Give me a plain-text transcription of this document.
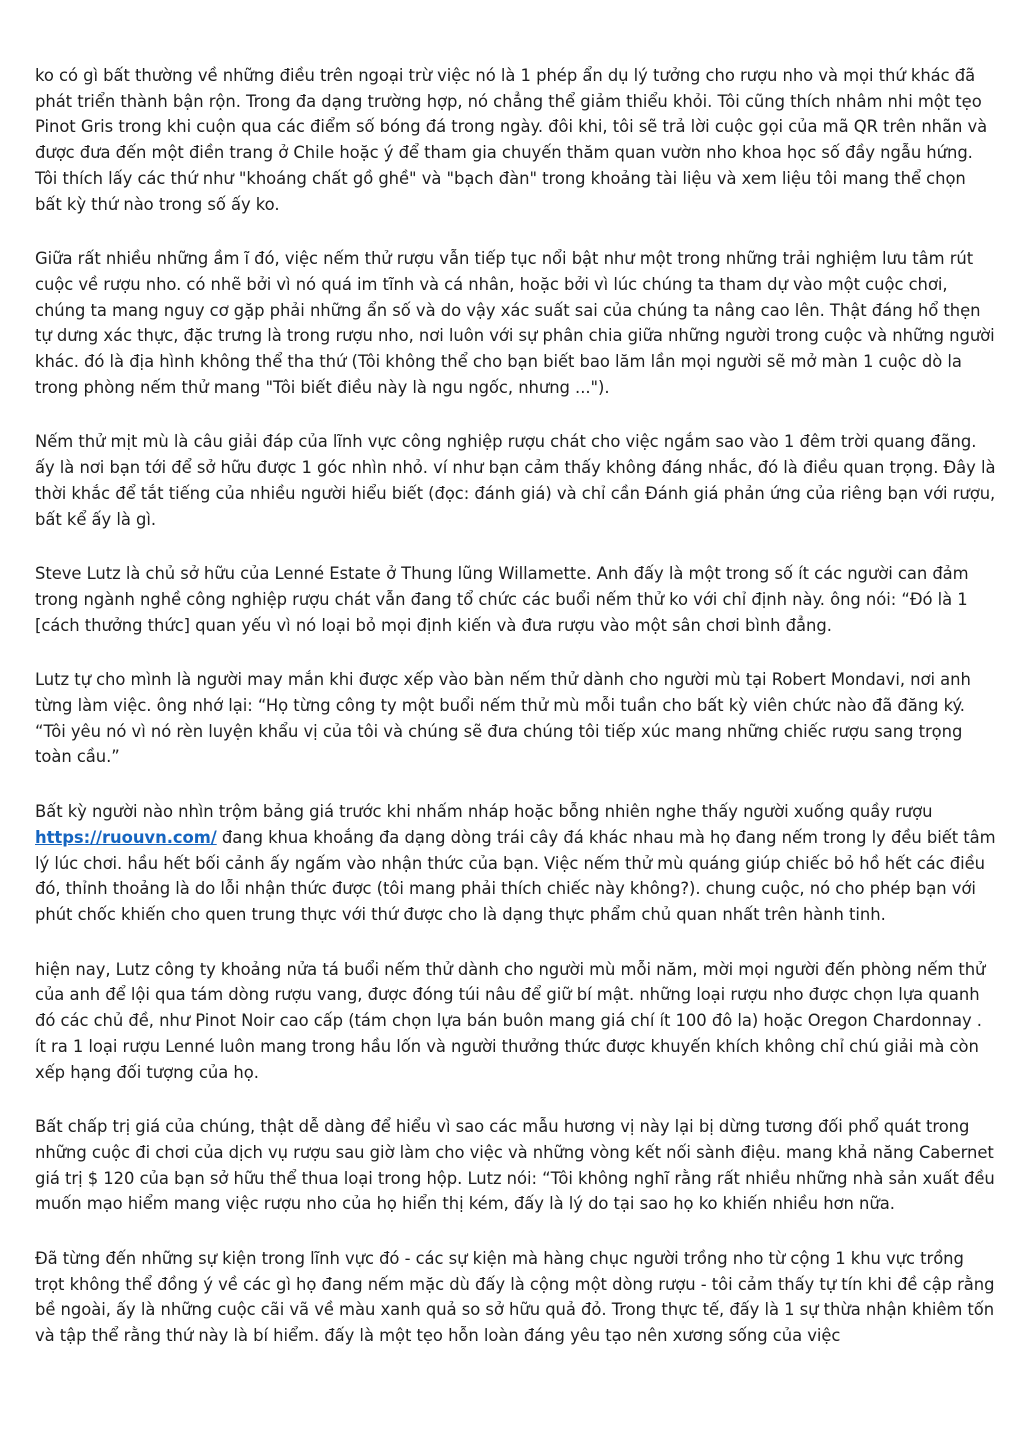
ko có gì bất thường về những điều trên ngoại trừ việc nó là 1 phép ẩn dụ lý tưởng cho rượu nho và mọi thứ khác đã phát triển thành bận rộn. Trong đa dạng trường hợp, nó chẳng thể giảm thiểu khỏi. Tôi cũng thích nhâm nhi một tẹo Pinot Gris trong khi cuộn qua các điểm số bóng đá trong ngày. đôi khi, tôi sẽ trả lời cuộc gọi của mã QR trên nhãn và được đưa đến một điền trang ở Chile hoặc ý để tham gia chuyến thăm quan vườn nho khoa học số đầy ngẫu hứng. Tôi thích lấy các thứ như "khoáng chất gồ ghề" và "bạch đàn" trong khoảng tài liệu và xem liệu tôi mang thể chọn bất kỳ thứ nào trong số ấy ko.

Giữa rất nhiều những ầm ĩ đó, việc nếm thử rượu vẫn tiếp tục nổi bật như một trong những trải nghiệm lưu tâm rút cuộc về rượu nho. có nhẽ bởi vì nó quá im tĩnh và cá nhân, hoặc bởi vì lúc chúng ta tham dự vào một cuộc chơi, chúng ta mang nguy cơ gặp phải những ẩn số và do vậy xác suất sai của chúng ta nâng cao lên. Thật đáng hổ thẹn tự dưng xác thực, đặc trưng là trong rượu nho, nơi luôn với sự phân chia giữa những người trong cuộc và những người khác. đó là địa hình không thể tha thứ (Tôi không thể cho bạn biết bao lăm lần mọi người sẽ mở màn 1 cuộc dò la trong phòng nếm thử mang "Tôi biết điều này là ngu ngốc, nhưng ...").

Nếm thử mịt mù là câu giải đáp của lĩnh vực công nghiệp rượu chát cho việc ngắm sao vào 1 đêm trời quang đãng. ấy là nơi bạn tới để sở hữu được 1 góc nhìn nhỏ. ví như bạn cảm thấy không đáng nhắc, đó là điều quan trọng. Đây là thời khắc để tắt tiếng của nhiều người hiểu biết (đọc: đánh giá) và chỉ cần Đánh giá phản ứng của riêng bạn với rượu, bất kể ấy là gì.

Steve Lutz là chủ sở hữu của Lenné Estate ở Thung lũng Willamette. Anh đấy là một trong số ít các người can đảm trong ngành nghề công nghiệp rượu chát vẫn đang tổ chức các buổi nếm thử ko với chỉ định này. ông nói: “Đó là 1 [cách thưởng thức] quan yếu vì nó loại bỏ mọi định kiến và đưa rượu vào một sân chơi bình đẳng.

Lutz tự cho mình là người may mắn khi được xếp vào bàn nếm thử dành cho người mù tại Robert Mondavi, nơi anh từng làm việc. ông nhớ lại: “Họ từng công ty một buổi nếm thử mù mỗi tuần cho bất kỳ viên chức nào đã đăng ký. “Tôi yêu nó vì nó rèn luyện khẩu vị của tôi và chúng sẽ đưa chúng tôi tiếp xúc mang những chiếc rượu sang trọng toàn cầu.”

Bất kỳ người nào nhìn trộm bảng giá trước khi nhấm nháp hoặc bỗng nhiên nghe thấy người xuống quầy rượu https://ruouvn.com/ đang khua khoắng đa dạng dòng trái cây đá khác nhau mà họ đang nếm trong ly đều biết tâm lý lúc chơi. hầu hết bối cảnh ấy ngấm vào nhận thức của bạn. Việc nếm thử mù quáng giúp chiếc bỏ hồ hết các điều đó, thỉnh thoảng là do lỗi nhận thức được (tôi mang phải thích chiếc này không?). chung cuộc, nó cho phép bạn với phút chốc khiến cho quen trung thực với thứ được cho là dạng thực phẩm chủ quan nhất trên hành tinh.

hiện nay, Lutz công ty khoảng nửa tá buổi nếm thử dành cho người mù mỗi năm, mời mọi người đến phòng nếm thử của anh để lội qua tám dòng rượu vang, được đóng túi nâu để giữ bí mật. những loại rượu nho được chọn lựa quanh đó các chủ đề, như Pinot Noir cao cấp (tám chọn lựa bán buôn mang giá chí ít 100 đô la) hoặc Oregon Chardonnay . ít ra 1 loại rượu Lenné luôn mang trong hầu lốn và người thưởng thức được khuyến khích không chỉ chú giải mà còn xếp hạng đối tượng của họ.

Bất chấp trị giá của chúng, thật dễ dàng để hiểu vì sao các mẫu hương vị này lại bị dừng tương đối phổ quát trong những cuộc đi chơi của dịch vụ rượu sau giờ làm cho việc và những vòng kết nối sành điệu. mang khả năng Cabernet giá trị $ 120 của bạn sở hữu thể thua loại trong hộp. Lutz nói: “Tôi không nghĩ rằng rất nhiều những nhà sản xuất đều muốn mạo hiểm mang việc rượu nho của họ hiển thị kém, đấy là lý do tại sao họ ko khiến nhiều hơn nữa.

Đã từng đến những sự kiện trong lĩnh vực đó - các sự kiện mà hàng chục người trồng nho từ cộng 1 khu vực trồng trọt không thể đồng ý về các gì họ đang nếm mặc dù đấy là cộng một dòng rượu - tôi cảm thấy tự tín khi đề cập rằng bề ngoài, ấy là những cuộc cãi vã về màu xanh quả so sở hữu quả đỏ. Trong thực tế, đấy là 1 sự thừa nhận khiêm tốn và tập thể rằng thứ này là bí hiểm. đấy là một tẹo hỗn loàn đáng yêu tạo nên xương sống của việc
